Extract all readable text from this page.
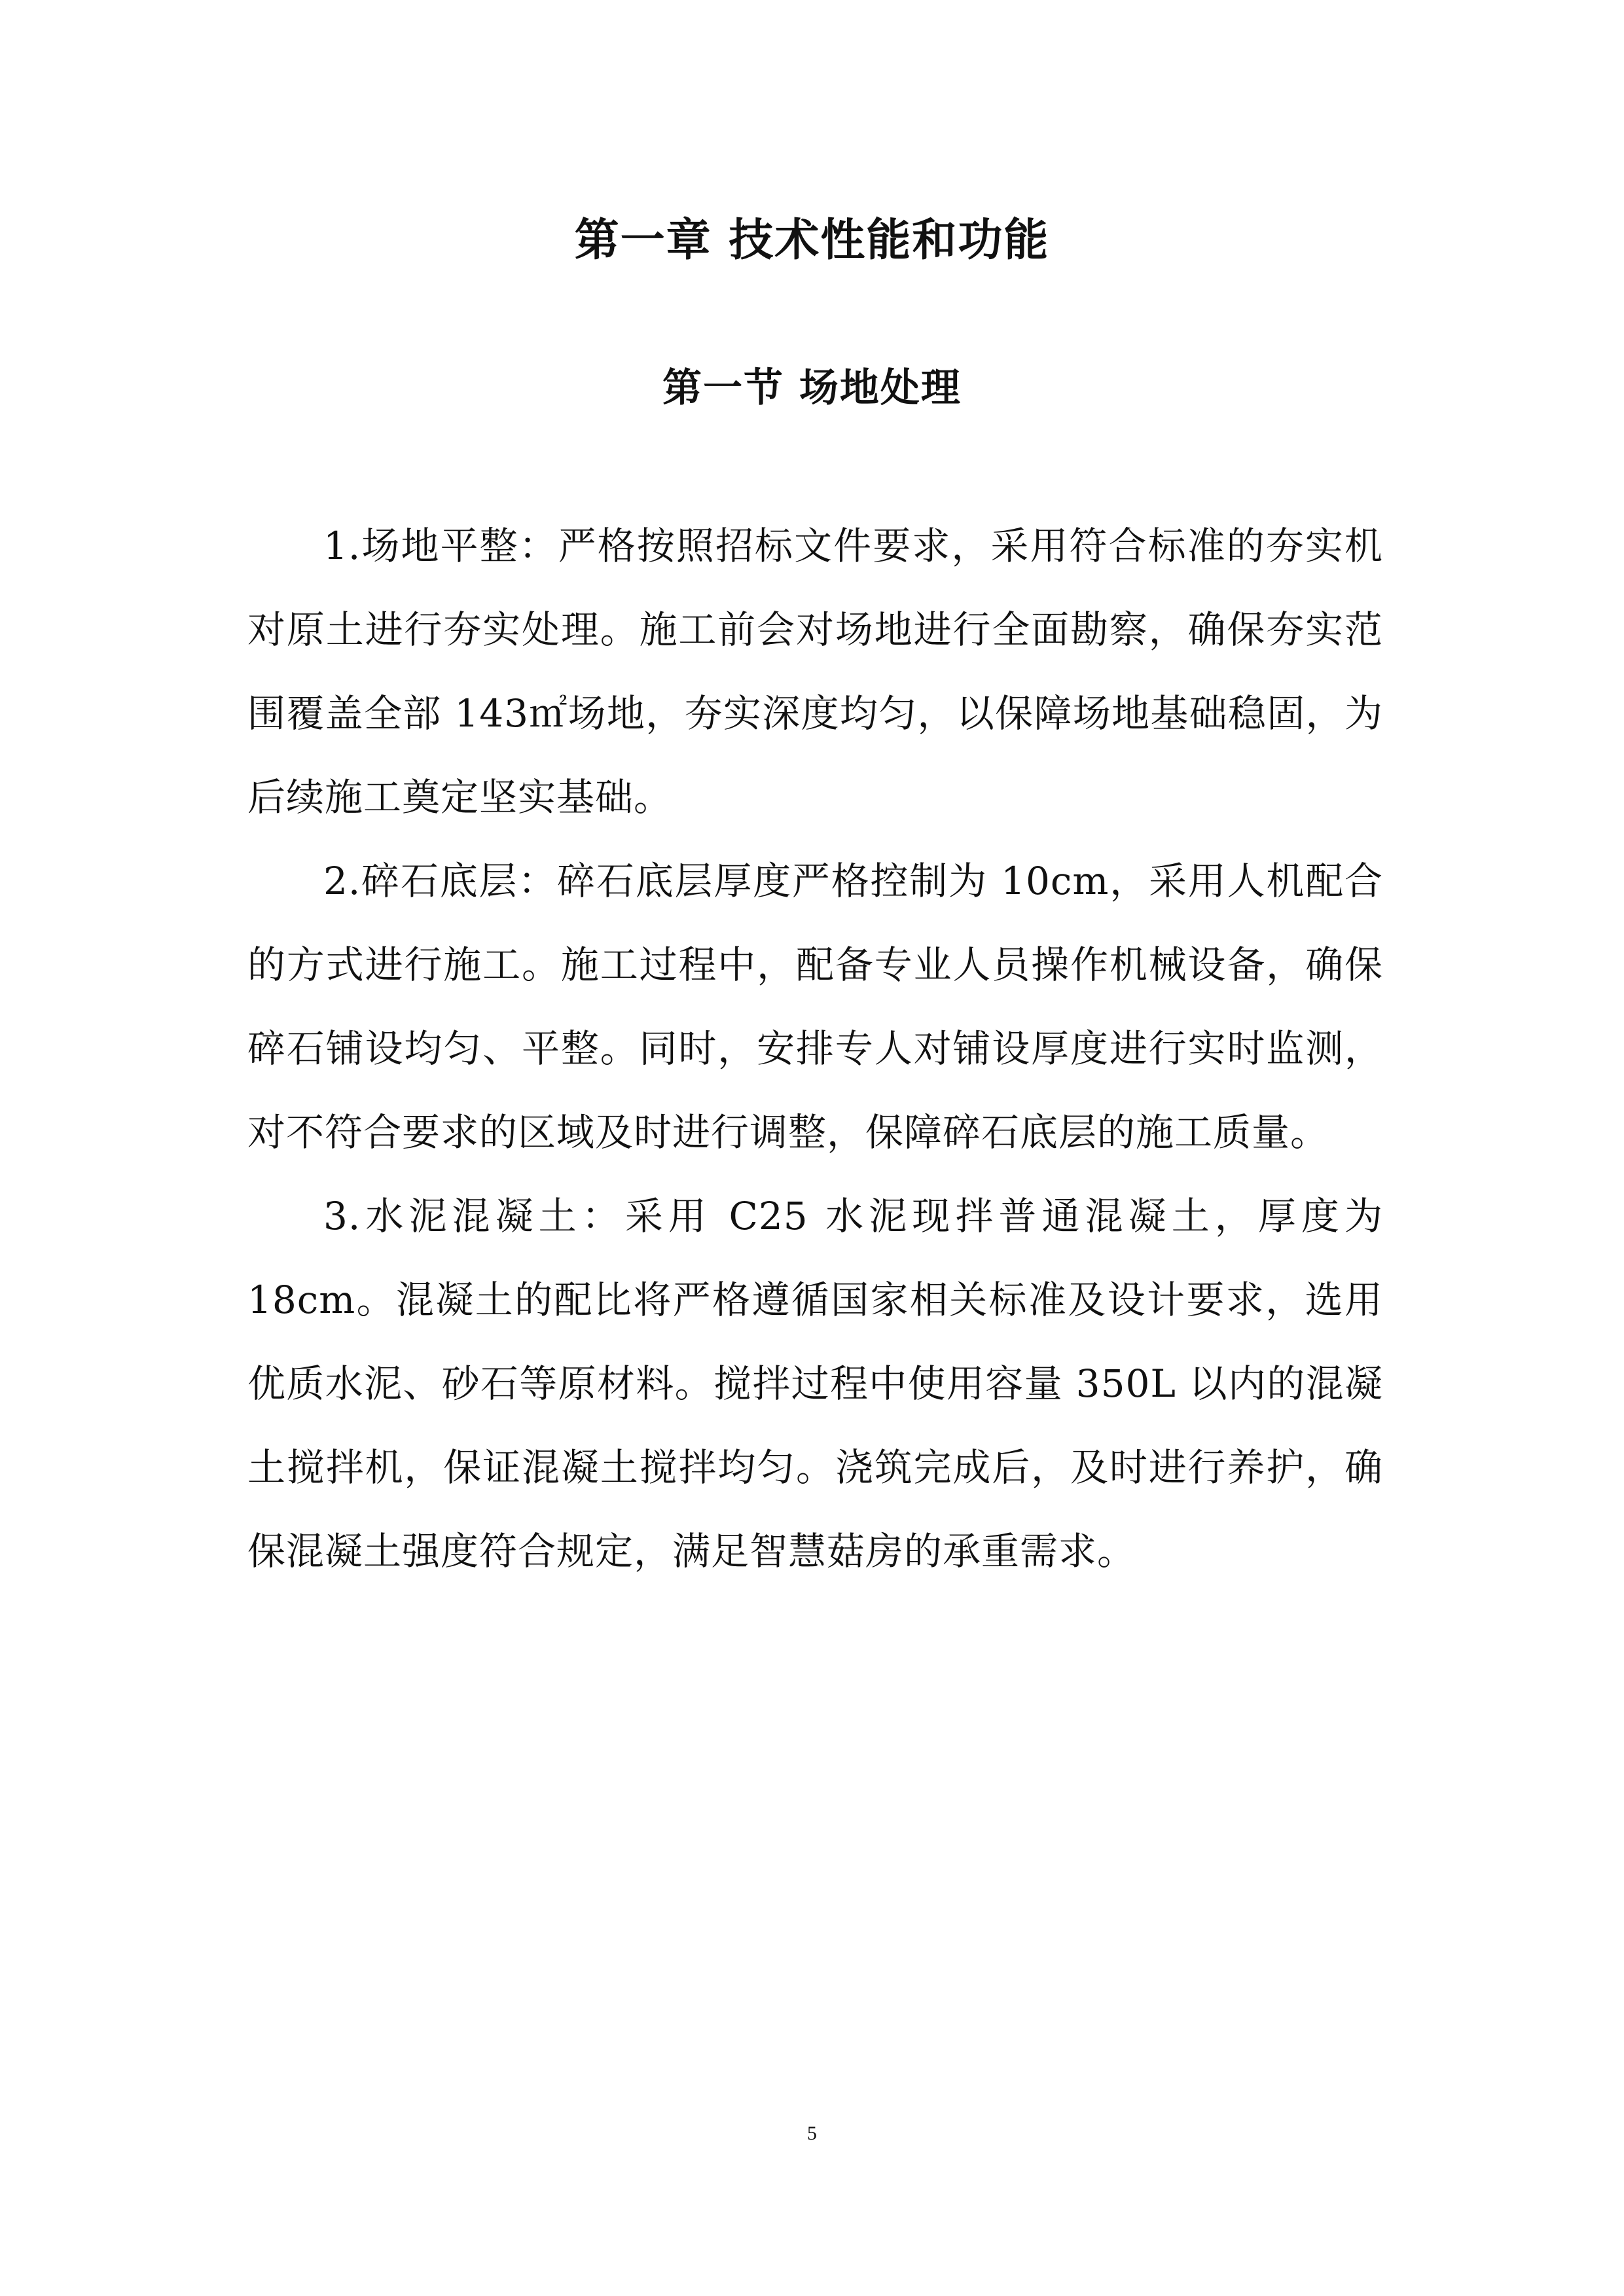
第一章 技术性能和功能
第一节 场地处理

1.场地平整：严格按照招标文件要求，采用符合标准的夯实机对原土进行夯实处理。施工前会对场地进行全面勘察，确保夯实范围覆盖全部 143㎡场地，夯实深度均匀，以保障场地基础稳固，为后续施工奠定坚实基础。

2.碎石底层：碎石底层厚度严格控制为 10cm，采用人机配合的方式进行施工。施工过程中，配备专业人员操作机械设备，确保碎石铺设均匀、平整。同时，安排专人对铺设厚度进行实时监测，对不符合要求的区域及时进行调整，保障碎石底层的施工质量。

3.水泥混凝土：采用 C25 水泥现拌普通混凝土，厚度为 18cm。混凝土的配比将严格遵循国家相关标准及设计要求，选用优质水泥、砂石等原材料。搅拌过程中使用容量 350L 以内的混凝土搅拌机，保证混凝土搅拌均匀。浇筑完成后，及时进行养护，确保混凝土强度符合规定，满足智慧菇房的承重需求。

5
